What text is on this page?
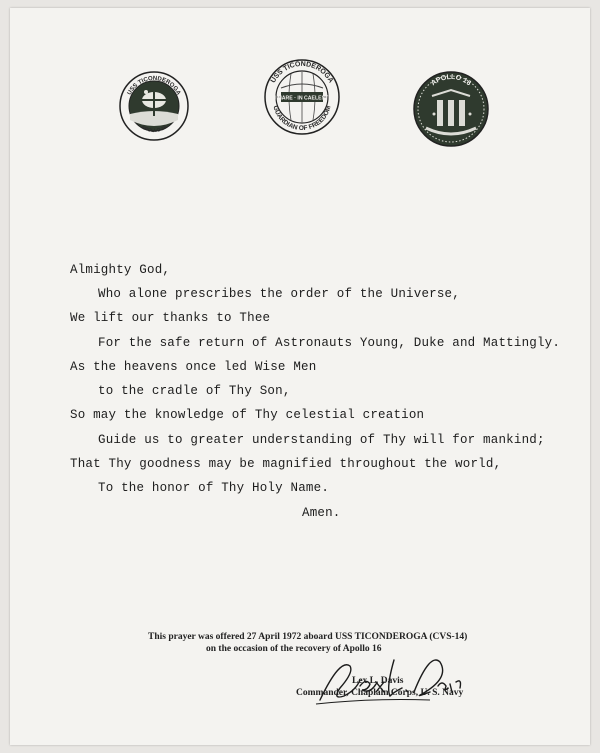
USS TICONDEROGA
APOLLO 16
IN MARE · IN CAELESTIS
USS TICONDEROGA
GUARDIAN OF FREEDOM
APOLLO 16
Almighty God,
Who alone prescribes the order of the Universe,
We lift our thanks to Thee
For the safe return of Astronauts Young, Duke and Mattingly.
As the heavens once led Wise Men
to the cradle of Thy Son,
So may the knowledge of Thy celestial creation
Guide us to greater understanding of Thy will for mankind;
That Thy goodness may be magnified throughout the world,
To the honor of Thy Holy Name.
Amen.
This prayer was offered 27 April 1972 aboard USS TICONDEROGA (CVS-14)
on the occasion of the recovery of Apollo 16
Lex L. Davis
Commander, Chaplain Corps, U. S. Navy
